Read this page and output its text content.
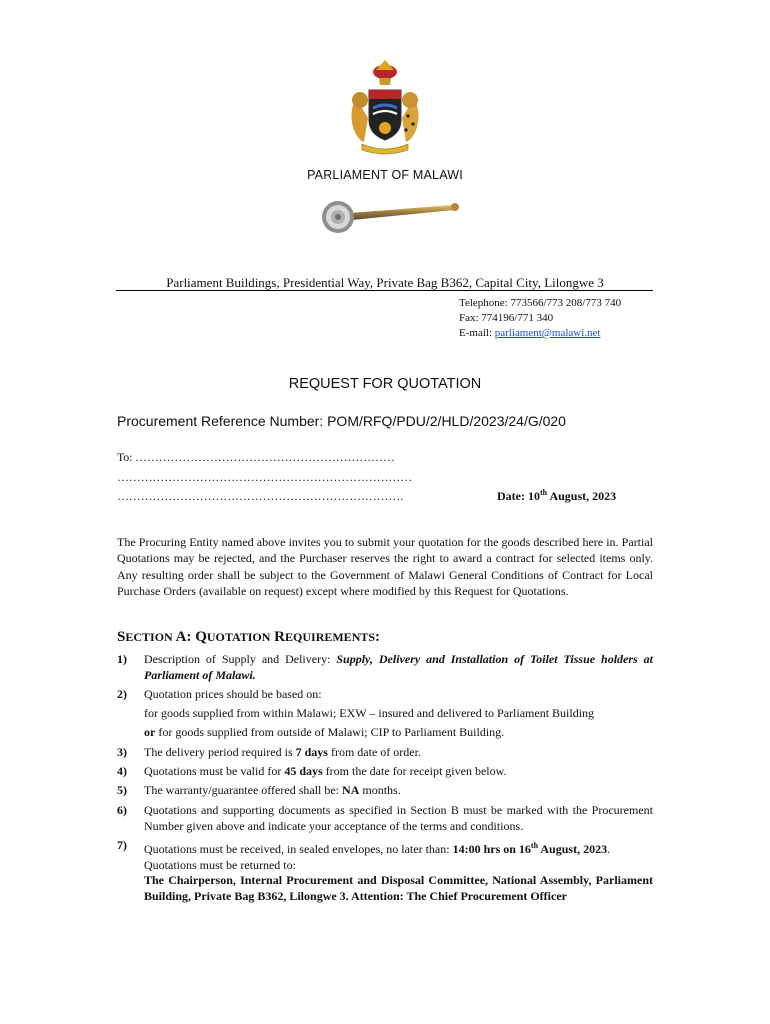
PARLIAMENT OF MALAWI
Parliament Buildings, Presidential Way, Private Bag B362, Capital City, Lilongwe 3
Telephone: 773566/773 208/773 740
Fax: 774196/771 340
E-mail: parliament@malawi.net
REQUEST FOR QUOTATION
Procurement Reference Number: POM/RFQ/PDU/2/HLD/2023/24/G/020
To: …………………………………………………………
…………………………………………………………………
……………………………………………………………….	Date: 10th August, 2023
The Procuring Entity named above invites you to submit your quotation for the goods described here in. Partial Quotations may be rejected, and the Purchaser reserves the right to award a contract for selected items only. Any resulting order shall be subject to the Government of Malawi General Conditions of Contract for Local Purchase Orders (available on request) except where modified by this Request for Quotations.
SECTION A: QUOTATION REQUIREMENTS:
1) Description of Supply and Delivery: Supply, Delivery and Installation of Toilet Tissue holders at Parliament of Malawi.
2) Quotation prices should be based on:
for goods supplied from within Malawi; EXW – insured and delivered to Parliament Building
or for goods supplied from outside of Malawi; CIP to Parliament Building.
3) The delivery period required is 7 days from date of order.
4) Quotations must be valid for 45 days from the date for receipt given below.
5) The warranty/guarantee offered shall be: NA months.
6) Quotations and supporting documents as specified in Section B must be marked with the Procurement Number given above and indicate your acceptance of the terms and conditions.
7) Quotations must be received, in sealed envelopes, no later than: 14:00 hrs on 16th August, 2023.
Quotations must be returned to:
The Chairperson, Internal Procurement and Disposal Committee, National Assembly, Parliament Building, Private Bag B362, Lilongwe 3. Attention: The Chief Procurement Officer
